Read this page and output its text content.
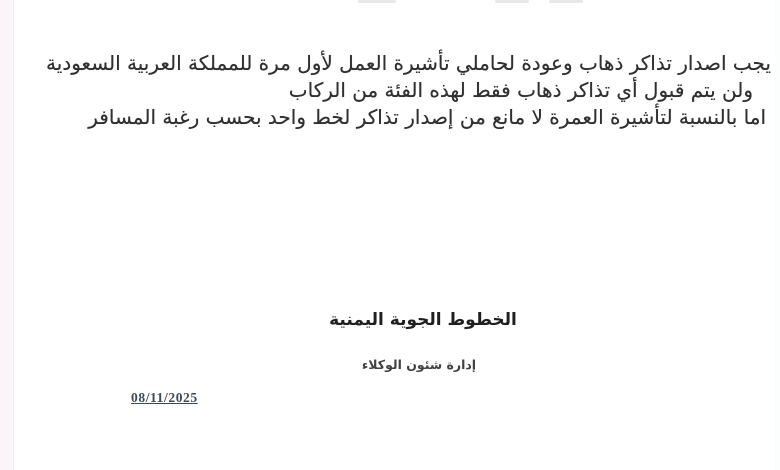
يجب اصدار تذاكر ذهاب وعودة لحاملي تأشيرة العمل لأول مرة للمملكة العربية السعودية
ولن يتم قبول أي تذاكر ذهاب فقط لهذه الفئة من الركاب
اما بالنسبة لتأشيرة العمرة لا مانع من إصدار تذاكر لخط واحد بحسب رغبة المسافر
الخطوط الجوية اليمنية
إدارة شئون الوكلاء
08/11/2025
